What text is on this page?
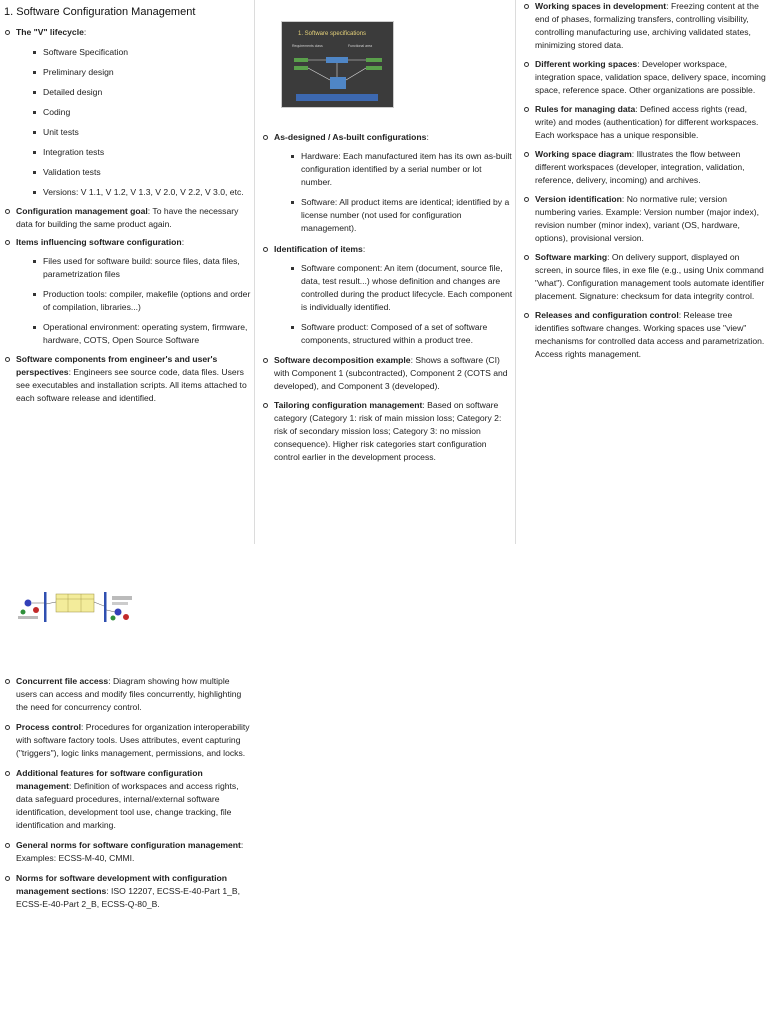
1. Software Configuration Management
The "V" lifecycle:
Software Specification
Preliminary design
Detailed design
Coding
Unit tests
Integration tests
Validation tests
Versions: V 1.1, V 1.2, V 1.3, V 2.0, V 2.2, V 3.0, etc.
Configuration management goal: To have the necessary data for building the same product again.
Items influencing software configuration:
Files used for software build: source files, data files, parametrization files
Production tools: compiler, makefile (options and order of compilation, libraries...)
Operational environment: operating system, firmware, hardware, COTS, Open Source Software
Software components from engineer's and user's perspectives: Engineers see source code, data files. Users see executables and installation scripts. All items attached to each software release and identified.
1. Software specifications
Requirements class	Functional area
As-designed / As-built configurations:
Hardware: Each manufactured item has its own as-built configuration identified by a serial number or lot number.
Software: All product items are identical; identified by a license number (not used for configuration management).
Identification of items:
Software component: An item (document, source file, data, test result...) whose definition and changes are controlled during the product lifecycle. Each component is individually identified.
Software product: Composed of a set of software components, structured within a product tree.
Software decomposition example: Shows a software (CI) with Component 1 (subcontracted), Component 2 (COTS and developed), and Component 3 (developed).
Tailoring configuration management: Based on software category (Category 1: risk of main mission loss; Category 2: risk of secondary mission loss; Category 3: no mission consequence). Higher risk categories start configuration control earlier in the development process.
Working spaces in development: Freezing content at the end of phases, formalizing transfers, controlling visibility, controlling manufacturing use, archiving validated states, minimizing stored data.
Different working spaces: Developer workspace, integration space, validation space, delivery space, incoming space, reference space. Other organizations are possible.
Rules for managing data: Defined access rights (read, write) and modes (authentication) for different workspaces. Each workspace has a unique responsible.
Working space diagram: Illustrates the flow between different workspaces (developer, integration, validation, reference, delivery, incoming) and archives.
Version identification: No normative rule; version numbering varies. Example: Version number (major index), revision number (minor index), variant (OS, hardware, options), provisional version.
Software marking: On delivery support, displayed on screen, in source files, in exe file (e.g., using Unix command "what"). Configuration management tools automate identifier placement. Signature: checksum for data integrity control.
Releases and configuration control: Release tree identifies software changes. Working spaces use "view" mechanisms for controlled data access and parametrization. Access rights management.
Concurrent file access: Diagram showing how multiple users can access and modify files concurrently, highlighting the need for concurrency control.
Process control: Procedures for organization interoperability with software factory tools. Uses attributes, event capturing ("triggers"), logic links management, permissions, and locks.
Additional features for software configuration management: Definition of workspaces and access rights, data safeguard procedures, internal/external software identification, development tool use, change tracking, file identification and marking.
General norms for software configuration management: Examples: ECSS-M-40, CMMI.
Norms for software development with configuration management sections: ISO 12207, ECSS-E-40-Part 1_B, ECSS-E-40-Part 2_B, ECSS-Q-80_B.
